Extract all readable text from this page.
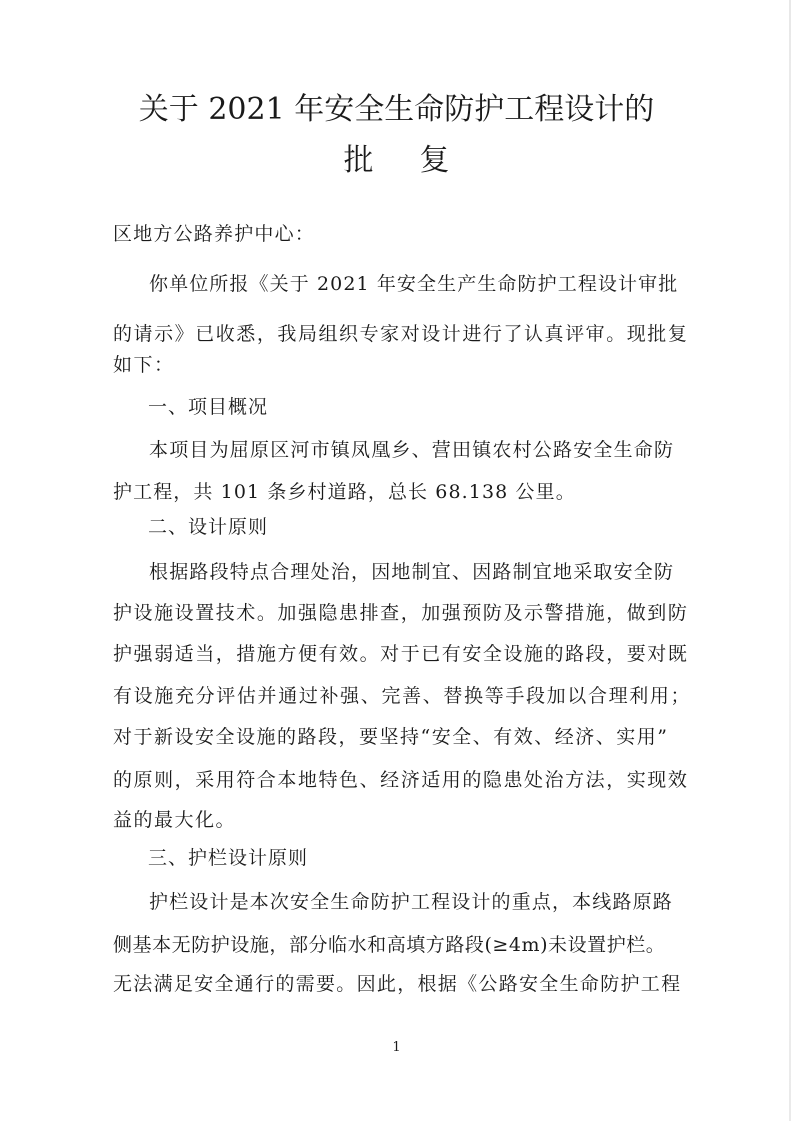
关于 2021 年安全生命防护工程设计的
批复
区地方公路养护中心：
你单位所报《关于 2021 年安全生产生命防护工程设计审批
的请示》已收悉，我局组织专家对设计进行了认真评审。现批复
如下：
一、项目概况
本项目为屈原区河市镇凤凰乡、营田镇农村公路安全生命防
护工程，共 101 条乡村道路，总长 68.138 公里。
二、设计原则
根据路段特点合理处治，因地制宜、因路制宜地采取安全防
护设施设置技术。加强隐患排查，加强预防及示警措施，做到防
护强弱适当，措施方便有效。对于已有安全设施的路段，要对既
有设施充分评估并通过补强、完善、替换等手段加以合理利用；
对于新设安全设施的路段，要坚持“安全、有效、经济、实用”
的原则，采用符合本地特色、经济适用的隐患处治方法，实现效
益的最大化。
三、护栏设计原则
护栏设计是本次安全生命防护工程设计的重点，本线路原路
侧基本无防护设施，部分临水和高填方路段(≥4m)未设置护栏。
无法满足安全通行的需要。因此，根据《公路安全生命防护工程
1
